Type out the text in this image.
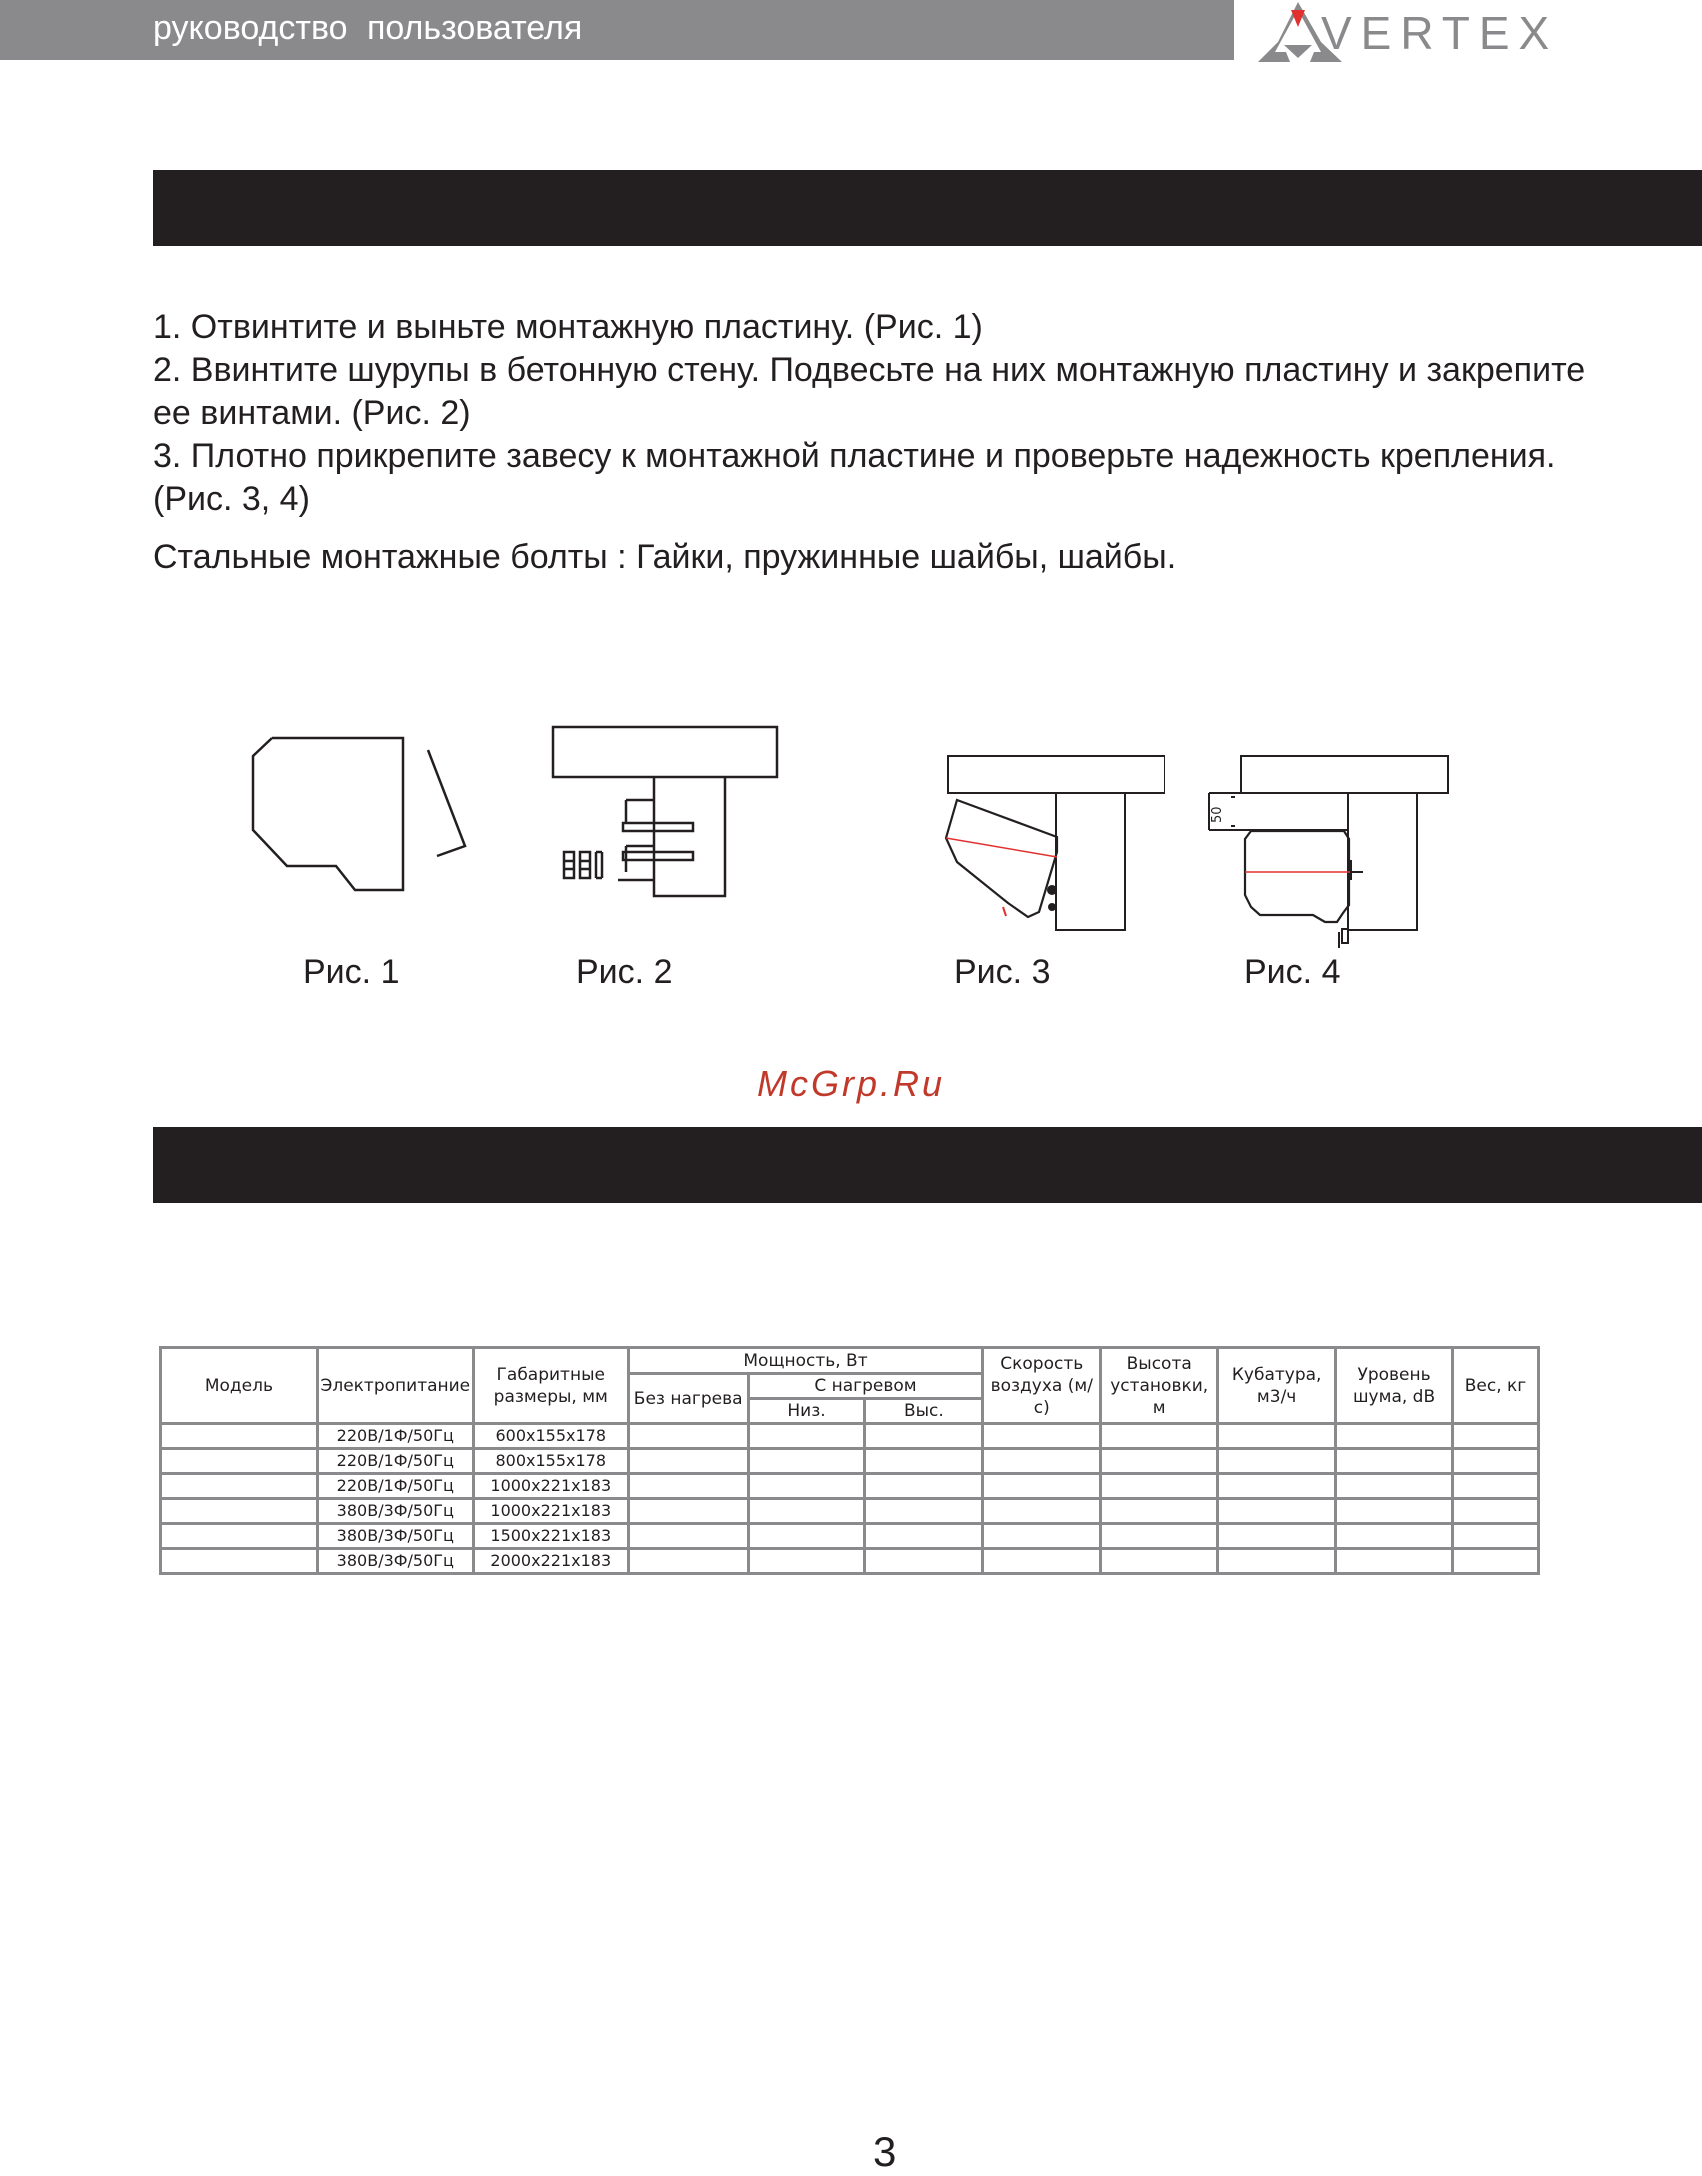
руководство пользователя	VERTEX

1. Отвинтите и выньте монтажную пластину. (Рис. 1)

2. Ввинтите шурупы в бетонную стену. Подвесьте на них монтажную пластину и закрепите ее винтами. (Рис. 2)

3. Плотно прикрепите завесу к монтажной пластине и проверьте надежность крепления. (Рис. 3, 4)

Стальные монтажные болты : Гайки, пружинные шайбы, шайбы.

Рис. 1	Рис. 2	Рис. 3
50
Рис. 4
McGrp.Ru
Модель	Электропитание	Габаритные размеры, мм	Мощность, Вт			Скорость воздуха (м/с)	Высота установки, м	Кубатура, м3/ч	Уровень шума, dB	Вес, кг
			Без нагрева	С нагревом						
				Низ.	Выс.					
	220В/1Ф/50Гц	600x155x178								
	220В/1Ф/50Гц	800x155x178								
	220В/1Ф/50Гц	1000x221x183								
	380В/3Ф/50Гц	1000x221x183								
	380В/3Ф/50Гц	1500x221x183								
	380В/3Ф/50Гц	2000x221x183								
3
